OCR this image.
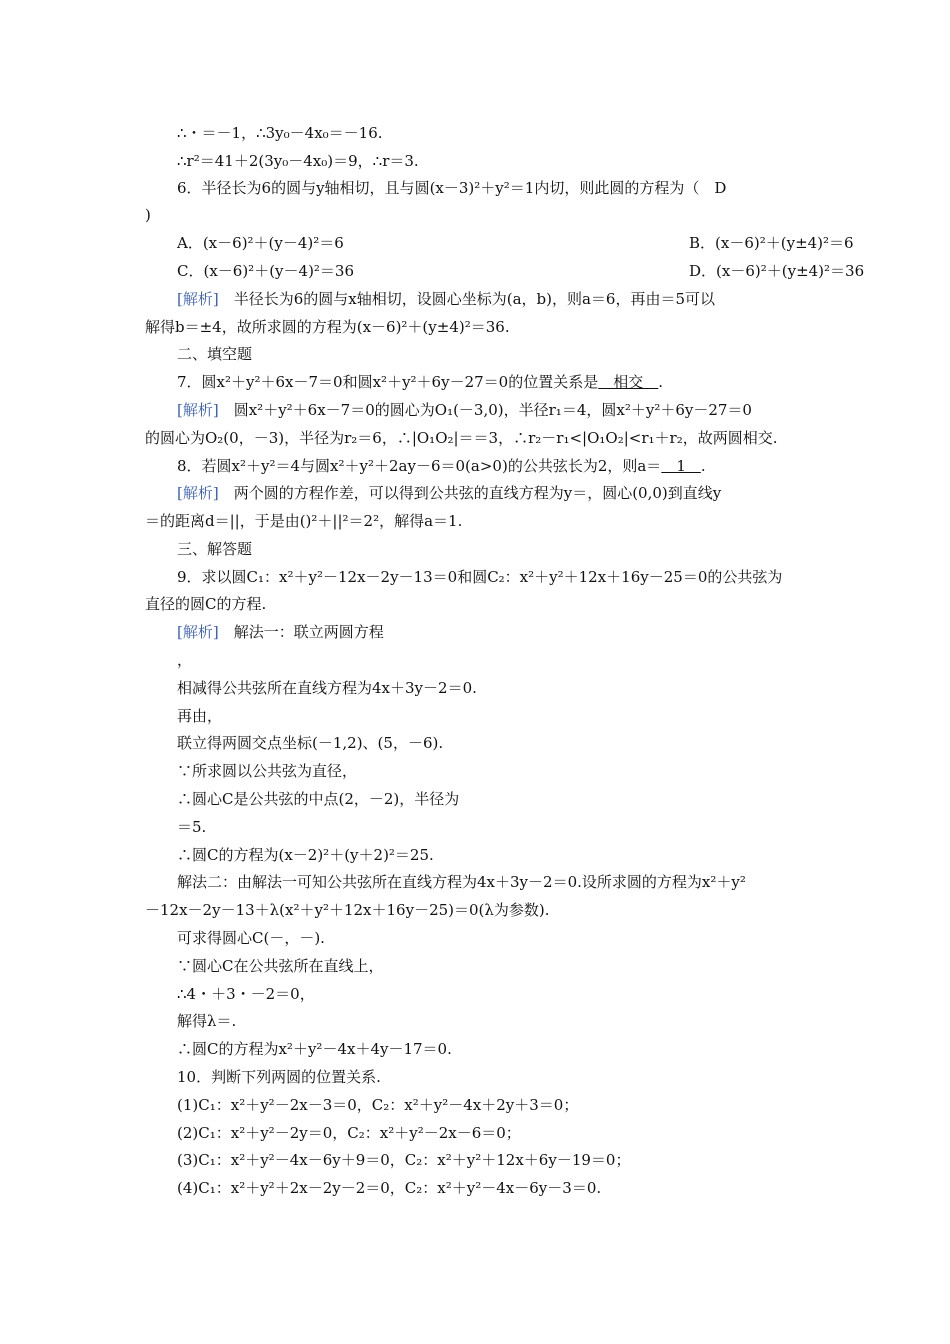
∴・＝－1，∴3y₀－4x₀＝－16.
∴r²＝41＋2(3y₀－4x₀)＝9，∴r＝3.
6．半径长为6的圆与y轴相切，且与圆(x－3)²＋y²＝1内切，则此圆的方程为（　D
)
A．(x－6)²＋(y－4)²＝6	B．(x－6)²＋(y±4)²＝6
C．(x－6)²＋(y－4)²＝36	D．(x－6)²＋(y±4)²＝36
[解析]　半径长为6的圆与x轴相切，设圆心坐标为(a，b)，则a＝6，再由＝5可以
解得b＝±4，故所求圆的方程为(x－6)²＋(y±4)²＝36.
二、填空题
7．圆x²＋y²＋6x－7＝0和圆x²＋y²＋6y－27＝0的位置关系是　相交　.
[解析]　圆x²＋y²＋6x－7＝0的圆心为O₁(－3,0)，半径r₁＝4，圆x²＋y²＋6y－27＝0
的圆心为O₂(0，－3)，半径为r₂＝6，∴|O₁O₂|＝＝3，∴r₂－r₁<|O₁O₂|<r₁＋r₂，故两圆相交.
8．若圆x²＋y²＝4与圆x²＋y²＋2ay－6＝0(a>0)的公共弦长为2，则a＝　1　.
[解析]　两个圆的方程作差，可以得到公共弦的直线方程为y＝，圆心(0,0)到直线y
＝的距离d＝||，于是由()²＋||²＝2²，解得a＝1.
三、解答题
9．求以圆C₁：x²＋y²－12x－2y－13＝0和圆C₂：x²＋y²＋12x＋16y－25＝0的公共弦为
直径的圆C的方程.
[解析]　解法一：联立两圆方程
，
相减得公共弦所在直线方程为4x＋3y－2＝0.
再由，
联立得两圆交点坐标(－1,2)、(5，－6).
∵所求圆以公共弦为直径，
∴圆心C是公共弦的中点(2，－2)，半径为
＝5.
∴圆C的方程为(x－2)²＋(y＋2)²＝25.
解法二：由解法一可知公共弦所在直线方程为4x＋3y－2＝0.设所求圆的方程为x²＋y²
－12x－2y－13＋λ(x²＋y²＋12x＋16y－25)＝0(λ为参数).
可求得圆心C(－，－).
∵圆心C在公共弦所在直线上，
∴4・＋3・－2＝0，
解得λ＝.
∴圆C的方程为x²＋y²－4x＋4y－17＝0.
10．判断下列两圆的位置关系.
(1)C₁：x²＋y²－2x－3＝0，C₂：x²＋y²－4x＋2y＋3＝0；
(2)C₁：x²＋y²－2y＝0，C₂：x²＋y²－2x－6＝0；
(3)C₁：x²＋y²－4x－6y＋9＝0，C₂：x²＋y²＋12x＋6y－19＝0；
(4)C₁：x²＋y²＋2x－2y－2＝0，C₂：x²＋y²－4x－6y－3＝0.
